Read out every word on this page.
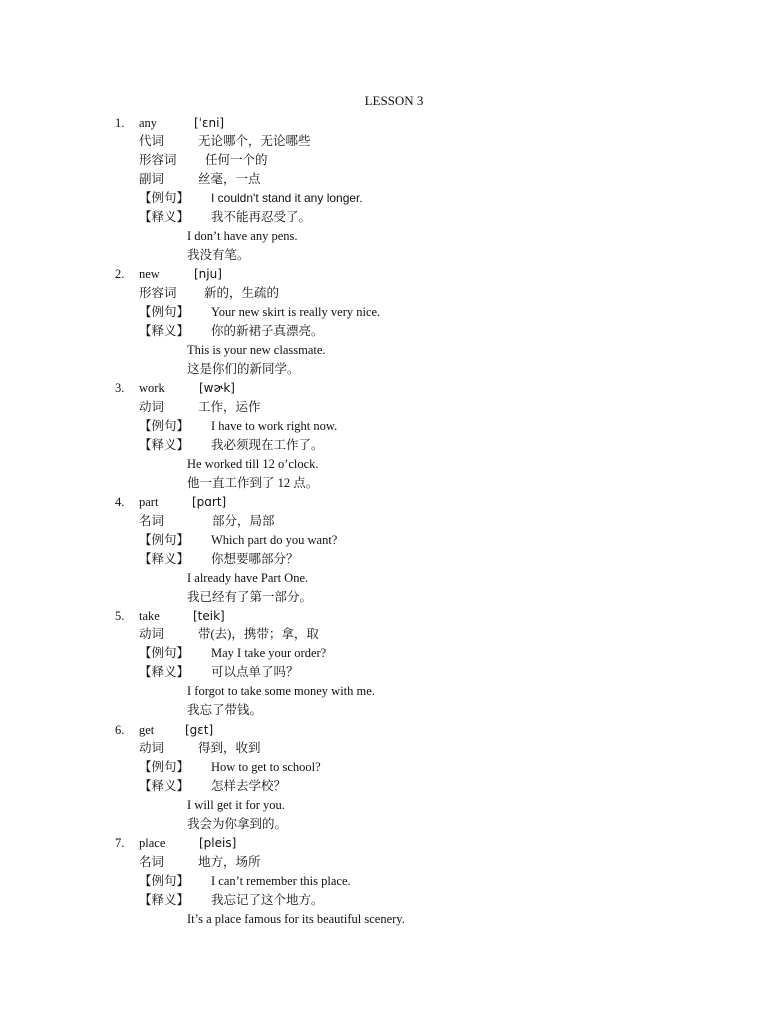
LESSON 3
1. any	[ˈɛni]
代词	无论哪个，无论哪些
形容词 任何一个的
副词	丝毫，一点
【例句】 I couldn't stand it any longer.
【释义】 我不能再忍受了。
I don’t have any pens.
我没有笔。
2. new	[nju]
形容词 新的，生疏的
【例句】 Your new skirt is really very nice.
【释义】 你的新裙子真漂亮。
This is your new classmate.
这是你们的新同学。
3. work	[wɚk]
动词	工作，运作
【例句】 I have to work right now.
【释义】 我必须现在工作了。
He worked till 12 o’clock.
他一直工作到了 12 点。
4. part	[pɑrt]
名词	部分，局部
【例句】 Which part do you want?
【释义】 你想要哪部分？
I already have Part One.
我已经有了第一部分。
5. take	[teik]
动词	带(去)，携带；拿，取
【例句】 May I take your order?
【释义】 可以点单了吗？
I forgot to take some money with me.
我忘了带钱。
6. get	[gɛt]
动词	得到，收到
【例句】 How to get to school?
【释义】 怎样去学校？
I will get it for you.
我会为你拿到的。
7. place	[pleis]
名词	地方，场所
【例句】 I can’t remember this place.
【释义】 我忘记了这个地方。
It’s a place famous for its beautiful scenery.
